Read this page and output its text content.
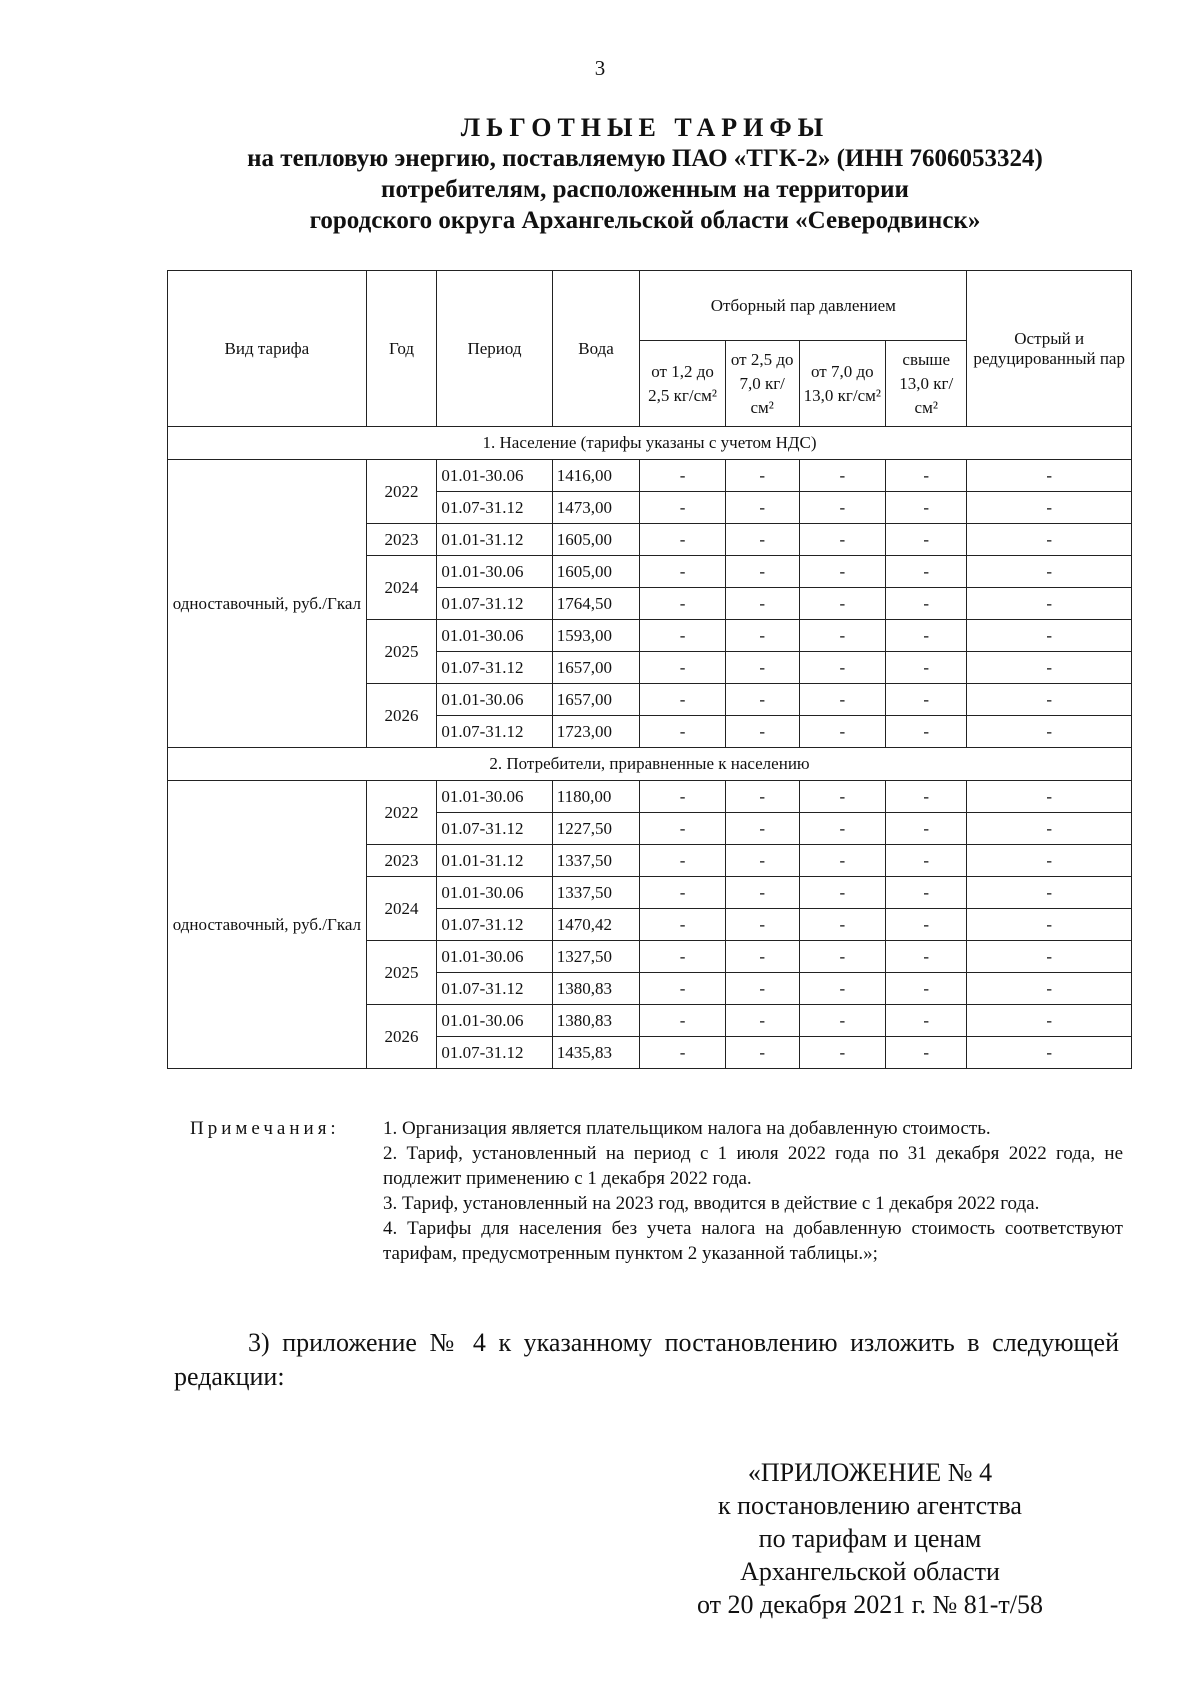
3
ЛЬГОТНЫЕ ТАРИФЫ
на тепловую энергию, поставляемую ПАО «ТГК-2» (ИНН 7606053324)
потребителям, расположенным на территории
городского округа Архангельской области «Северодвинск»
Вид тарифа	Год	Период	Вода	Отборный пар давлением				Острый и редуцированный пар
				от 1,2 до 2,5 кг/см²	от 2,5 до 7,0 кг/см²	от 7,0 до 13,0 кг/см²	свыше 13,0 кг/см²	
1. Население (тарифы указаны с учетом НДС)								
одноставочный, руб./Гкал	2022	01.01-30.06	1416,00	-	-	-	-	-
		01.07-31.12	1473,00	-	-	-	-	-
	2023	01.01-31.12	1605,00	-	-	-	-	-
	2024	01.01-30.06	1605,00	-	-	-	-	-
		01.07-31.12	1764,50	-	-	-	-	-
	2025	01.01-30.06	1593,00	-	-	-	-	-
		01.07-31.12	1657,00	-	-	-	-	-
	2026	01.01-30.06	1657,00	-	-	-	-	-
		01.07-31.12	1723,00	-	-	-	-	-
2. Потребители, приравненные к населению								
одноставочный, руб./Гкал	2022	01.01-30.06	1180,00	-	-	-	-	-
		01.07-31.12	1227,50	-	-	-	-	-
	2023	01.01-31.12	1337,50	-	-	-	-	-
	2024	01.01-30.06	1337,50	-	-	-	-	-
		01.07-31.12	1470,42	-	-	-	-	-
	2025	01.01-30.06	1327,50	-	-	-	-	-
		01.07-31.12	1380,83	-	-	-	-	-
	2026	01.01-30.06	1380,83	-	-	-	-	-
		01.07-31.12	1435,83	-	-	-	-	-
Примечания: 1. Организация является плательщиком налога на добавленную стоимость.
2. Тариф, установленный на период с 1 июля 2022 года по 31 декабря 2022 года, не подлежит применению с 1 декабря 2022 года.
3. Тариф, установленный на 2023 год, вводится в действие с 1 декабря 2022 года.
4. Тарифы для населения без учета налога на добавленную стоимость соответствуют тарифам, предусмотренным пунктом 2 указанной таблицы.»;
3) приложение № 4 к указанному постановлению изложить в следующей редакции:
«ПРИЛОЖЕНИЕ № 4
к постановлению агентства
по тарифам и ценам
Архангельской области
от 20 декабря 2021 г. № 81-т/58
